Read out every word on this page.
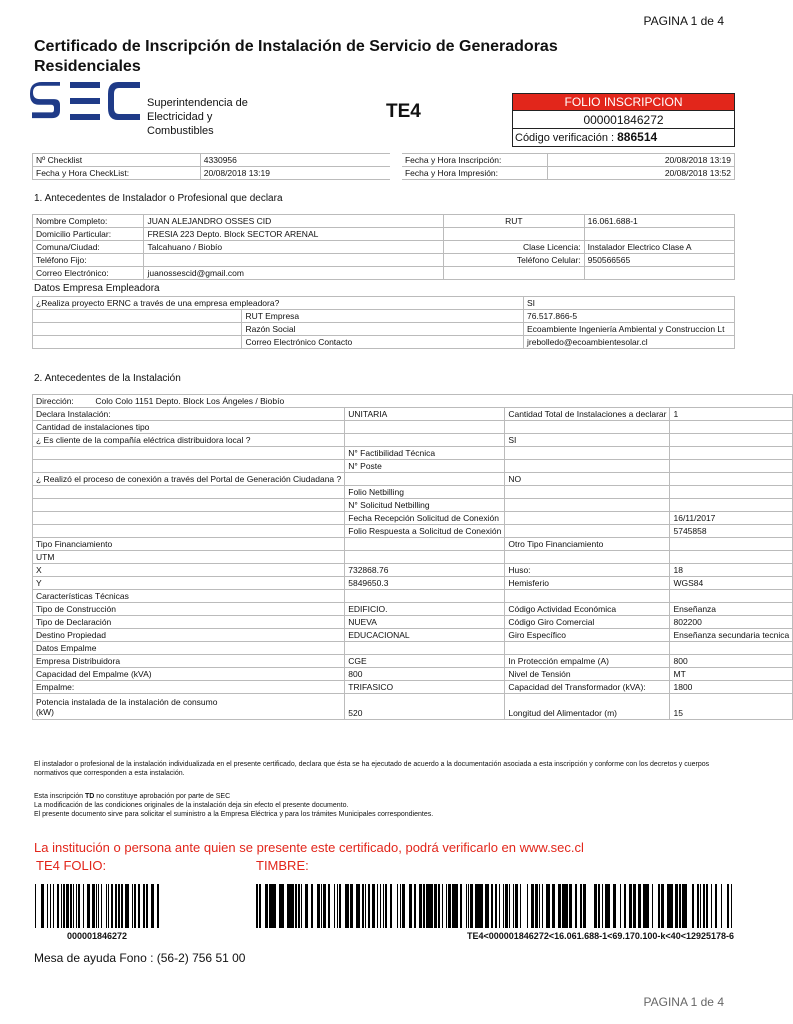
PAGINA 1 de 4
Certificado de Inscripción de Instalación de Servicio de Generadoras Residenciales
Superintendencia de Electricidad y Combustibles
TE4	FOLIO INSCRIPCION
000001846272
Código verificación : 886514
Nº Checklist	4330956	Fecha y Hora Inscripción:	20/08/2018 13:19
Fecha y Hora CheckList:	20/08/2018 13:19	Fecha y Hora Impresión:	20/08/2018 13:52
1. Antecedentes de Instalador o Profesional que declara
Nombre Completo:	JUAN ALEJANDRO OSSES CID	RUT	16.061.688-1
Domicilio Particular:	FRESIA 223 Depto. Block SECTOR ARENAL		
Comuna/Ciudad:	Talcahuano / Biobío	Clase Licencia:	Instalador Electrico Clase A
Teléfono Fijo:		Teléfono Celular:	950566565
Correo Electrónico:	juanossescid@gmail.com		
Datos Empresa Empleadora
¿Realiza proyecto ERNC a través de una empresa empleadora?		SI
	RUT Empresa	76.517.866-5
	Razón Social	Ecoambiente Ingeniería Ambiental y Construccion Lt
	Correo Electrónico Contacto	jrebolledo@ecoambientesolar.cl
2. Antecedentes de la Instalación
Dirección: Colo Colo 1151 Depto. Block Los Ángeles / Biobío			
Declara Instalación:	UNITARIA	Cantidad Total de Instalaciones a declarar	1
Cantidad de instalaciones tipo			
¿ Es cliente de la compañía eléctrica distribuidora local ?		SI	
	N° Factibilidad Técnica		
	N° Poste		
¿ Realizó el proceso de conexión a través del Portal de Generación Ciudadana ?		NO	
	Folio Netbilling		
	N° Solicitud Netbilling		
	Fecha Recepción Solicitud de Conexión		16/11/2017
	Folio Respuesta a Solicitud de Conexión		5745858
Tipo Financiamiento		Otro Tipo Financiamiento	
UTM			
X	732868.76	Huso:	18
Y	5849650.3	Hemisferio	WGS84
Características Técnicas			
Tipo de Construcción	EDIFICIO.	Código Actividad Económica	Enseñanza
Tipo de Declaración	NUEVA	Código Giro Comercial	802200
Destino Propiedad	EDUCACIONAL	Giro Específico	Enseñanza secundaria tecnica
Datos Empalme			
Empresa Distribuidora	CGE	In Protección empalme (A)	800
Capacidad del Empalme (kVA)	800	Nivel de Tensión	MT
Empalme:	TRIFASICO	Capacidad del Transformador (kVA):	1800
Potencia instalada de la instalación de consumo
(kW)	520	Longitud del Alimentador (m)	15
El instalador o profesional de la instalación individualizada en el presente certificado, declara que ésta se ha ejecutado de acuerdo a la documentación asociada a esta inscripción y conforme con los decretos y cuerpos normativos que corresponden a esta instalación.
Esta inscripción TD no constituye aprobación por parte de SEC
La modificación de las condiciones originales de la instalación deja sin efecto el presente documento.
El presente documento sirve para solicitar el suministro a la Empresa Eléctrica y para los trámites Municipales correspondientes.
La institución o persona ante quien se presente este certificado, podrá verificarlo en www.sec.cl
TE4 FOLIO:	TIMBRE:
000001846272	TE4<000001846272<16.061.688-1<69.170.100-k<40<12925178-6
Mesa de ayuda Fono : (56-2) 756 51 00
PAGINA 1 de 4
